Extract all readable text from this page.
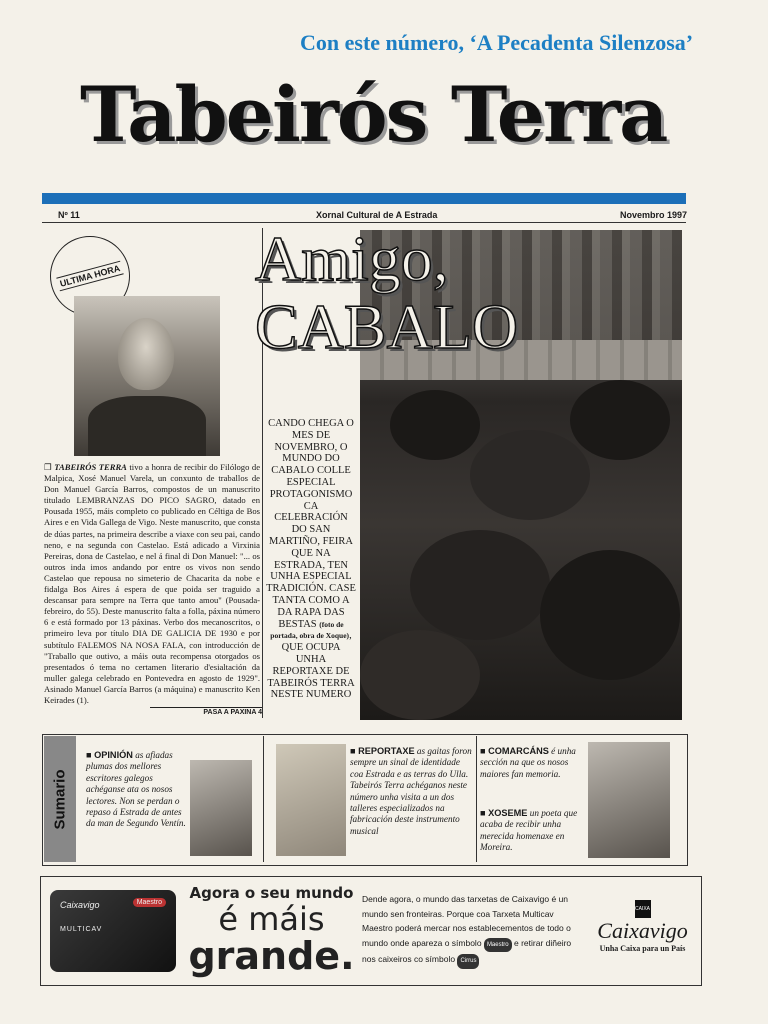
Con este número, ‘A Pecadenta Silenzosa’
Tabeirós Terra
Nº 11	Xornal Cultural de A Estrada	Novembro 1997
ULTIMA HORA
❐ TABEIRÓS TERRA tivo a honra de recibir do Filólogo de Malpica, Xosé Manuel Varela, un conxunto de traballos de Don Manuel García Barros, compostos de un manuscrito titulado LEMBRANZAS DO PICO SAGRO, datado en Pousada 1955, máis completo co publicado en Céltiga de Bos Aires e en Vida Gallega de Vigo. Neste manuscrito, que consta de dúas partes, na primeira describe a viaxe con seu pai, cando neno, e na segunda con Castelao. Está adicado a Virxinia Pereiras, dona de Castelao, e nel á final di Don Manuel: "... os outros inda imos andando por entre os vivos non sendo Castelao que repousa no simeterio de Chacarita da nobe e fidalga Bos Aires á espera de que poida ser traguido a descansar para sempre na Terra que tanto amou" (Pousada-febreiro, do 55). Deste manuscrito falta a folla, páxina número 6 e está formado por 13 páxinas. Verbo dos mecanoscritos, o primeiro leva por título DIA DE GALICIA DE 1930 e por subtítulo FALEMOS NA NOSA FALA, con introducción de "Traballo que outivo, a máis outa recompensa otorgados os presentados ó tema no certamen literario d'esialtación da muller galega celebrado en Pontevedra en agosto de 1929". Asinado Manuel García Barros (a máquina) e manuscrito Ken Keirades (1).
PASA A PAXINA 4
Amigo,
CABALO
CANDO CHEGA O MES DE NOVEMBRO, O MUNDO DO CABALO COLLE ESPECIAL PROTAGONISMO CA CELEBRACIÓN DO SAN MARTIÑO, FEIRA QUE NA ESTRADA, TEN UNHA ESPECIAL TRADICIÓN. CASE TANTA COMO A DA RAPA DAS BESTAS (foto de portada, obra de Xoque), QUE OCUPA UNHA REPORTAXE DE TABEIRÓS TERRA NESTE NUMERO
Sumario
■ OPINIÓN as afiadas plumas dos mellores escritores galegos achéganse ata os nosos lectores. Non se perdan o repaso á Estrada de antes da man de Segundo Ventín.
■ REPORTAXE as gaitas foron sempre un sinal de identidade coa Estrada e as terras do Ulla. Tabeirós Terra achéganos neste número unha visita a un dos talleres especializados na fabricación deste instrumento musical
■ COMARCÁNS é unha sección na que os nosos maiores fan memoria.
■ XOSEME un poeta que acaba de recibir unha merecida homenaxe en Moreira.
Caixavigo	Maestro
MULTICAV
Agora o seu mundo
é máis
grande.
Dende agora, o mundo das tarxetas de Caixavigo é un mundo sen fronteiras. Porque coa Tarxeta Multicav Maestro poderá mercar nos establecementos de todo o mundo onde apareza o símbolo Maestro e retirar diñeiro nos caixeiros co símbolo Cirrus
CAIXA
Caixavigo
Unha Caixa para un País
